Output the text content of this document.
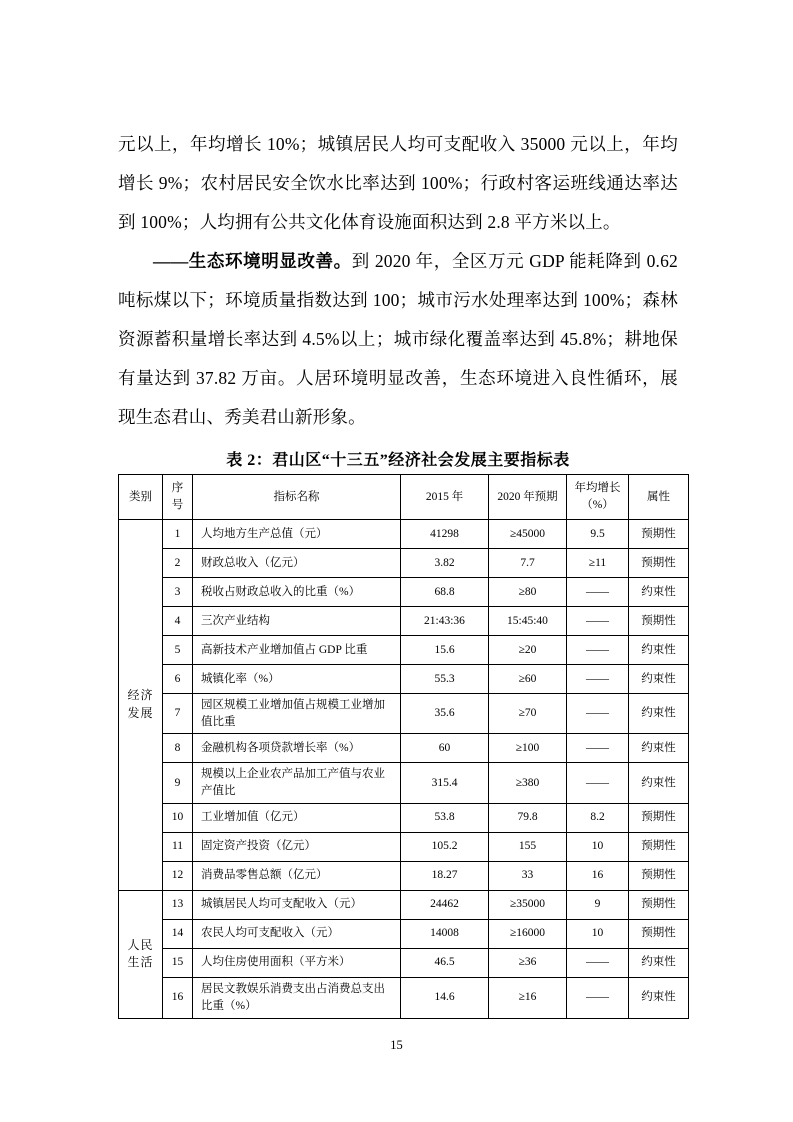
元以上，年均增长 10%；城镇居民人均可支配收入 35000 元以上，年均增长 9%；农村居民安全饮水比率达到 100%；行政村客运班线通达率达到 100%；人均拥有公共文化体育设施面积达到 2.8 平方米以上。

——生态环境明显改善。到 2020 年，全区万元 GDP 能耗降到 0.62 吨标煤以下；环境质量指数达到 100；城市污水处理率达到 100%；森林资源蓄积量增长率达到 4.5%以上；城市绿化覆盖率达到 45.8%；耕地保有量达到 37.82 万亩。人居环境明显改善，生态环境进入良性循环，展现生态君山、秀美君山新形象。

表 2：君山区“十三五”经济社会发展主要指标表
类别	序号	指标名称	2015 年	2020 年预期	年均增长（%）	属性
经济发展	1	人均地方生产总值（元）	41298	≥45000	9.5	预期性
	2	财政总收入（亿元）	3.82	7.7	≥11	预期性
	3	税收占财政总收入的比重（%）	68.8	≥80	——	约束性
	4	三次产业结构	21:43:36	15:45:40	——	预期性
	5	高新技术产业增加值占 GDP 比重	15.6	≥20	——	约束性
	6	城镇化率（%）	55.3	≥60	——	约束性
	7	园区规模工业增加值占规模工业增加值比重	35.6	≥70	——	约束性
	8	金融机构各项贷款增长率（%）	60	≥100	——	约束性
	9	规模以上企业农产品加工产值与农业产值比	315.4	≥380	——	约束性
	10	工业增加值（亿元）	53.8	79.8	8.2	预期性
	11	固定资产投资（亿元）	105.2	155	10	预期性
	12	消费品零售总额（亿元）	18.27	33	16	预期性
人民生活	13	城镇居民人均可支配收入（元）	24462	≥35000	9	预期性
	14	农民人均可支配收入（元）	14008	≥16000	10	预期性
	15	人均住房使用面积（平方米）	46.5	≥36	——	约束性
	16	居民文教娱乐消费支出占消费总支出比重（%）	14.6	≥16	——	约束性
15
